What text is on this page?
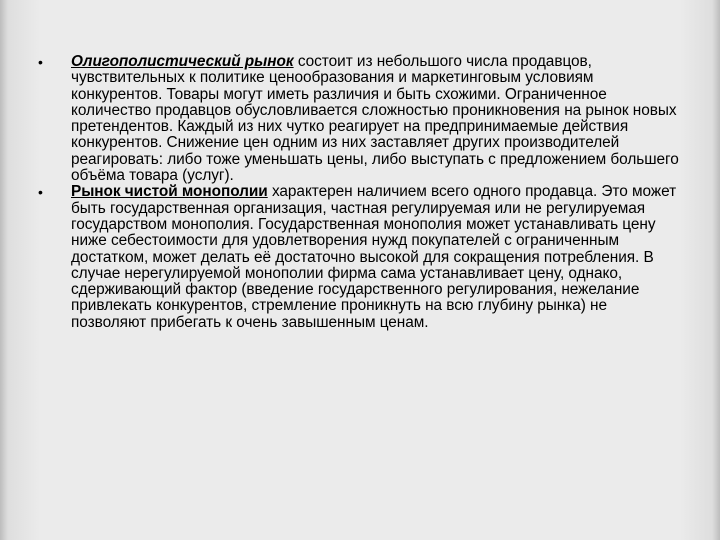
• Олигополистический рынок состоит из небольшого числа продавцов, чувствительных к политике ценообразования и маркетинговым условиям конкурентов. Товары могут иметь различия и быть схожими. Ограниченное количество продавцов обусловливается сложностью проникновения на рынок новых претендентов. Каждый из них чутко реагирует на предпринимаемые действия конкурентов. Снижение цен одним из них заставляет других производителей реагировать: либо тоже уменьшать цены, либо выступать с предложением большего объёма товара (услуг).
• Рынок чистой монополии характерен наличием всего одного продавца. Это может быть государственная организация, частная регулируемая или не регулируемая государством монополия. Государственная монополия может устанавливать цену ниже себестоимости для удовлетворения нужд покупателей с ограниченным достатком, может делать её достаточно высокой для сокращения потребления. В случае нерегулируемой монополии фирма сама устанавливает цену, однако, сдерживающий фактор (введение государственного регулирования, нежелание привлекать конкурентов, стремление проникнуть на всю глубину рынка) не позволяют прибегать к очень завышенным ценам.
